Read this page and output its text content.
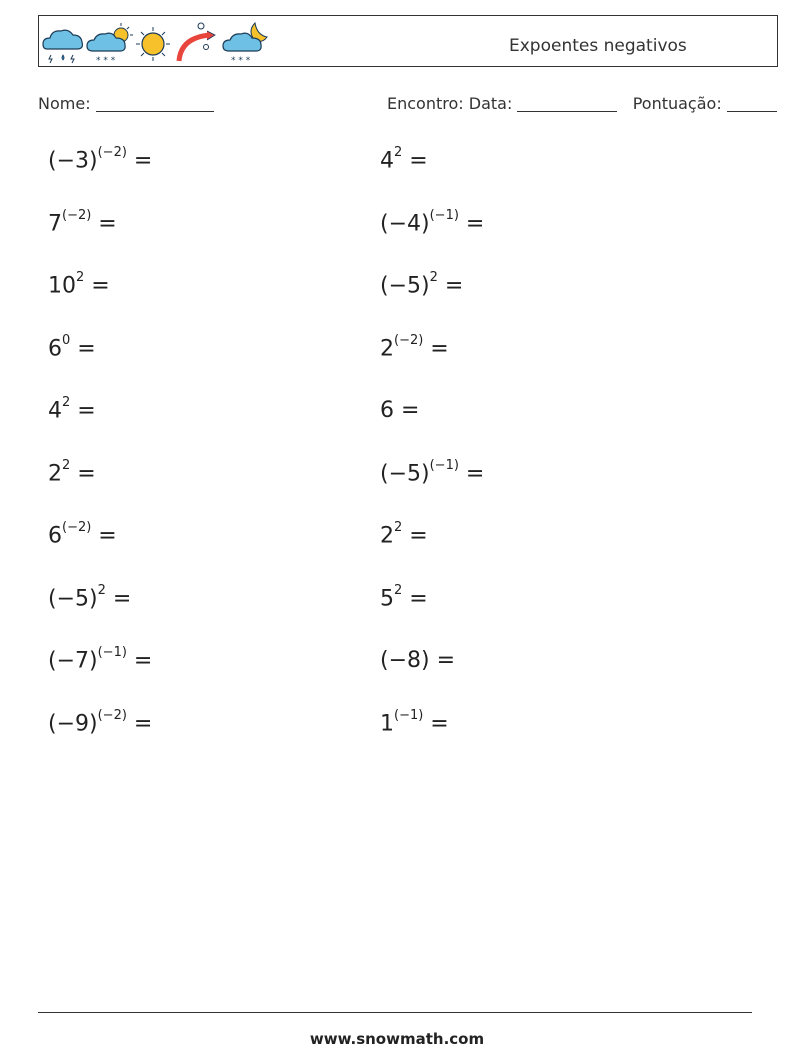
* * *	* * *
Expoentes negativos
Nome:	Encontro: Data:	Pontuação:
$(-3)^{(-2)}$ =	$4^2$ =
$7^{(-2)}$ =	$(-4)^{(-1)}$ =
$10^2$ =	$(-5)^2$ =
$6^0$ =	$2^{(-2)}$ =
$4^2$ =	6 =
$2^2$ =	$(-5)^{(-1)}$ =
$6^{(-2)}$ =	$2^2$ =
$(-5)^2$ =	$5^2$ =
$(-7)^{(-1)}$ =	(−8) =
$(-9)^{(-2)}$ =	$1^{(-1)}$ =
www.snowmath.com
